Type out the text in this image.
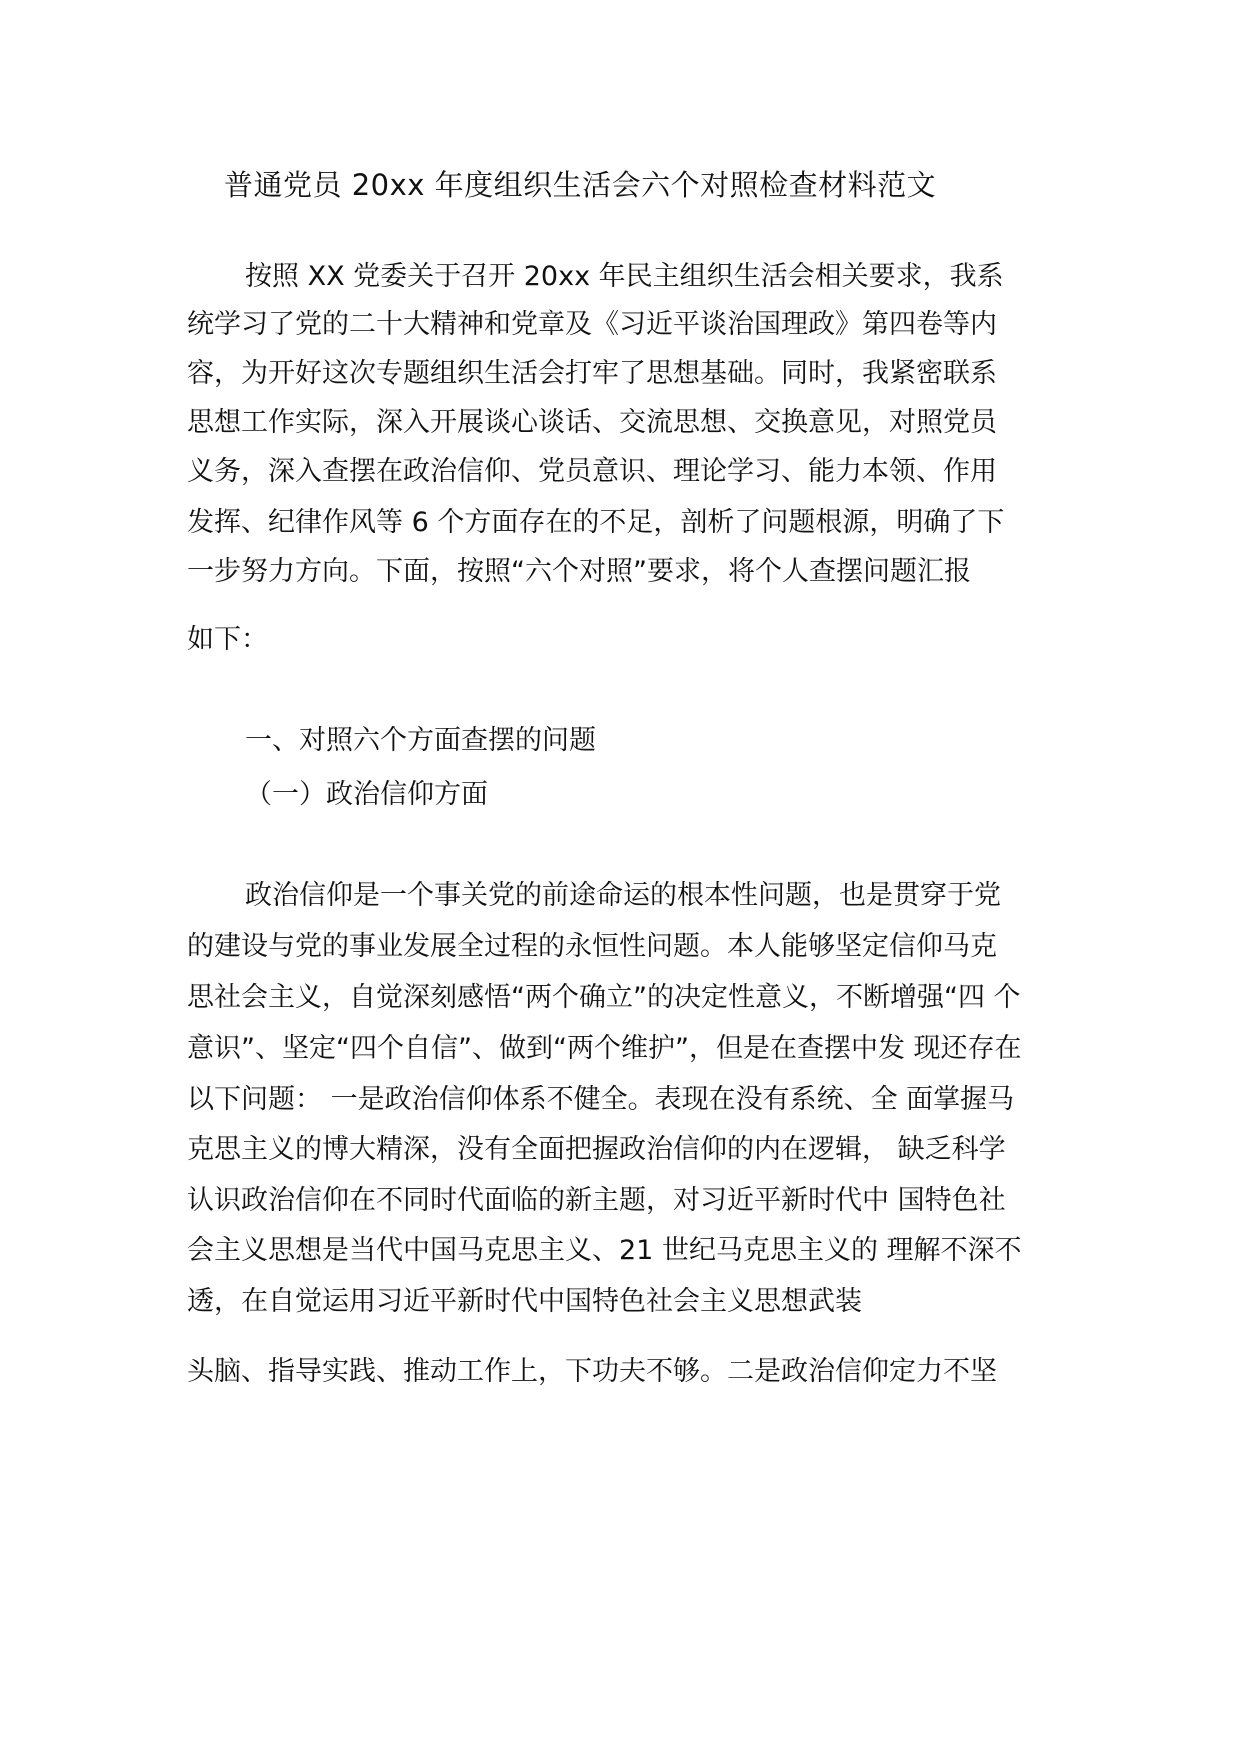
普通党员 20xx 年度组织生活会六个对照检查材料范文

按照 XX 党委关于召开 20xx 年民主组织生活会相关要求，我系

统学习了党的二十大精神和党章及《习近平谈治国理政》第四卷等内

容，为开好这次专题组织生活会打牢了思想基础。同时，我紧密联系

思想工作实际，深入开展谈心谈话、交流思想、交换意见，对照党员

义务，深入查摆在政治信仰、党员意识、理论学习、能力本领、作用

发挥、纪律作风等 6 个方面存在的不足，剖析了问题根源，明确了下

一步努力方向。下面，按照“六个对照”要求，将个人查摆问题汇报

如下：

一、对照六个方面查摆的问题

（一）政治信仰方面

政治信仰是一个事关党的前途命运的根本性问题，也是贯穿于党

的建设与党的事业发展全过程的永恒性问题。本人能够坚定信仰马克

思社会主义，自觉深刻感悟“两个确立”的决定性意义，不断增强“四 个

意识”、坚定“四个自信”、做到“两个维护”，但是在查摆中发 现还存在

以下问题： 一是政治信仰体系不健全。表现在没有系统、全 面掌握马

克思主义的博大精深，没有全面把握政治信仰的内在逻辑， 缺乏科学

认识政治信仰在不同时代面临的新主题，对习近平新时代中 国特色社

会主义思想是当代中国马克思主义、21 世纪马克思主义的 理解不深不

透，在自觉运用习近平新时代中国特色社会主义思想武装

头脑、指导实践、推动工作上，下功夫不够。二是政治信仰定力不坚
